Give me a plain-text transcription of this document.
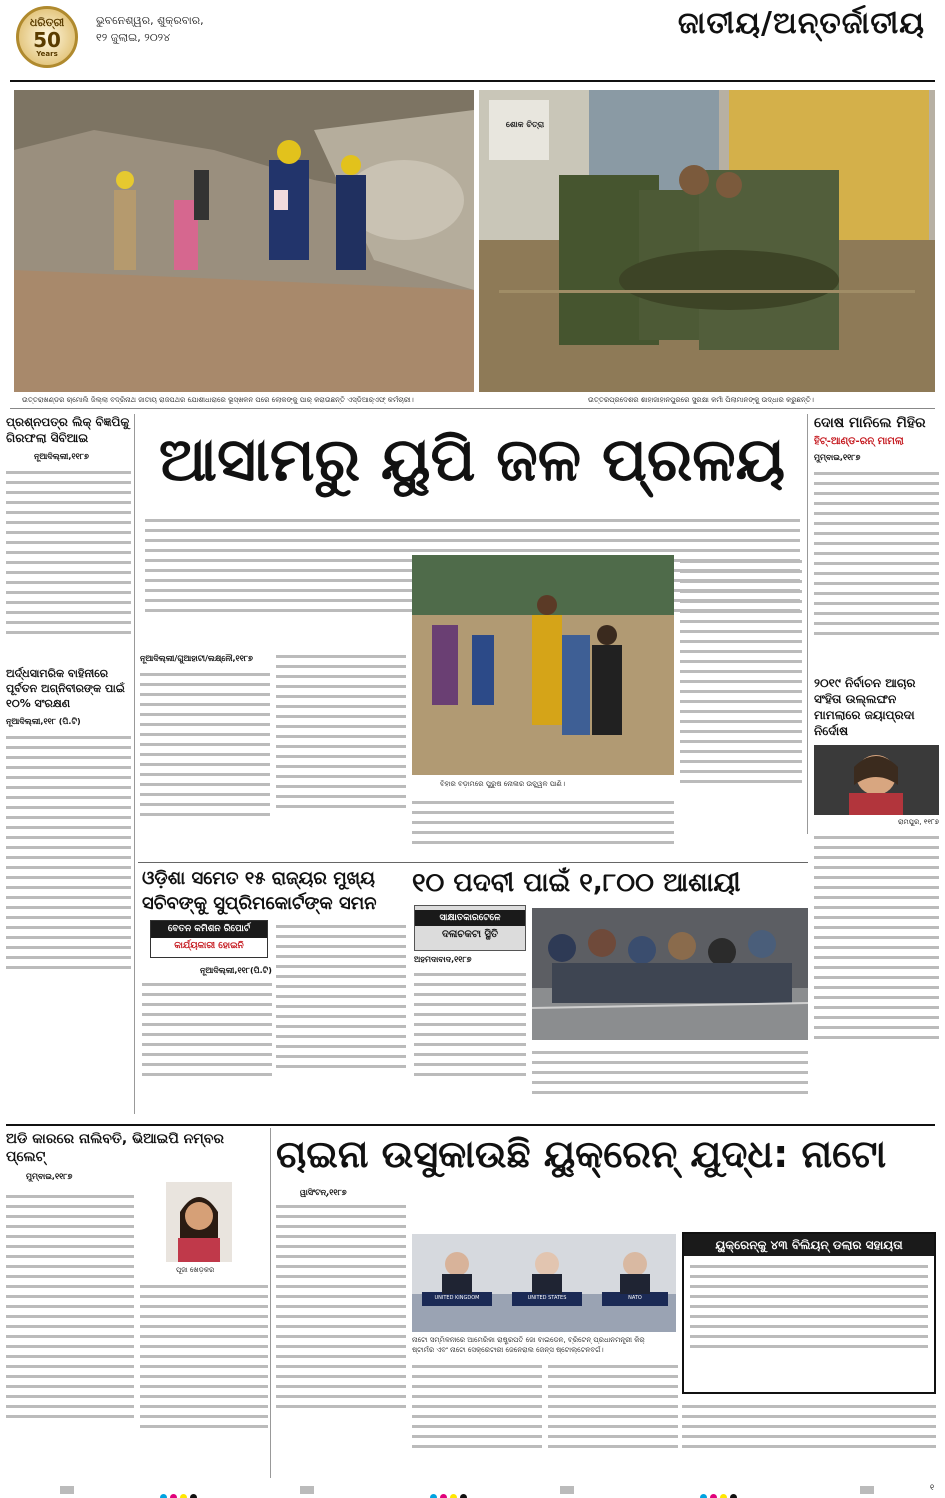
ଧରିତ୍ରୀ
50
Years
ଭୁବନେଶ୍ୱର, ଶୁକ୍ରବାର,
୧୨ ଜୁଲାଇ, ୨୦୨୪	ଜାତୀୟ/ଅନ୍ତର୍ଜାତୀୟ
ଶୋକ ଚିତ୍ରା
ଉତ୍ତରାଖଣ୍ଡର ଚାମୋଲି ଜିଲ୍ଲା ବଦ୍ରିନାଥ ଜାତୀୟ ରାଜପଥର ଯୋଶୀଧାରାରେ ଭୂସ୍ଖଳନ ପରେ ଲୋକଙ୍କୁ ପାର୍ କରାଉଛନ୍ତି ଏସ୍‌ଡିଆର୍‌ଏଫ୍ କର୍ମଚାରୀ।	ଉତ୍ତରପ୍ରଦେଶର ଶାହାଜାହାନପୁରରେ ସୁରକ୍ଷା କର୍ମୀ ପିଲାମାନଙ୍କୁ ଉଦ୍ଧାର କରୁଛନ୍ତି।
ପ୍ରଶ୍ନପତ୍ର ଲିକ୍ ବିଜ୍ଞପିକୁ ଗିରଫଲା ସିବିଆଇ
ନୂଆଦିଲ୍ଲୀ,୧୧୮୭
ଅର୍ଦ୍ଧସାମରିକ ବାହିନୀରେ ପୂର୍ବତନ ଅଗ୍ନିବୀରଙ୍କ ପାଇଁ ୧୦% ସଂରକ୍ଷଣ
ନୂଆଦିଲ୍ଲୀ,୧୧୮ (ପି.ଟି)
ଆସାମରୁ ୟୁପି ଜଳ ପ୍ରଳୟ
ନୂଆଦିଲ୍ଲୀ/ଗୁଆହାଟୀ/ଲକ୍ଷ୍ନୌ,୧୧୮୭
ବିହାର ବଡ଼ାମରେ ପୁରୁଷ ନୋଳାର ଉଚ୍ଛ୍ୱଳ ପାଣି।
ଦୋଷ ମାନିଲେ ମିହିର
ହିଟ୍-ଆଣ୍ଡ-ରନ୍ ମାମଲା
ମୁମ୍ବାଇ,୧୧୮୭
୨୦୧୯ ନିର୍ବାଚନ ଆଚାର ସଂହିତା ଉଲ୍ଲଙ୍ଘନ ମାମଲାରେ ଜୟାପ୍ରଦା ନିର୍ଦୋଷ
ରାମପୁର, ୧୧୮୭
ଓଡ଼ିଶା ସମେତ ୧୫ ରାଜ୍ୟର ମୁଖ୍ୟ ସଚିବଙ୍କୁ ସୁପ୍ରିମକୋର୍ଟଙ୍କ ସମନ
ବେତନ କମିଶନ ରିପୋର୍ଟ
କାର୍ଯ୍ୟକାରୀ ହୋଇନି
ନୂଆଦିଲ୍ଲୀ,୧୧୮(ପି.ଟି)
୧୦ ପଦବୀ ପାଇଁ ୧,୮୦୦ ଆଶାୟୀ
ସାକ୍ଷାତକାରଟେଳେ
ଦଳାଚକଟା ସ୍ଥିତି
ଅହମଦାବାଦ,୧୧୮୭
ଅଡି କାରରେ ନାଲିବତି, ଭିଆଇପି ନମ୍ବର ପ୍ଲେଟ୍
ମୁମ୍ବାଇ,୧୧୮୭
ପୂଜା ଖେଡ଼କର
ଚାଇନା ଉସୁକାଉଛି ୟୁକ୍ରେନ୍ ଯୁଦ୍ଧ: ନାଟୋ
ୱାସିଂଟନ୍,୧୧୮୭
UNITED KINGDOM	UNITED STATES	NATO
ନାଟୋ ସମ୍ମିଳନୀରେ ଆମେରିକା ରାଷ୍ଟ୍ରପତି ଜୋ ବାଇଡେନ, ବ୍ରିଟେନ୍ ପ୍ରଧାନମନ୍ତ୍ରୀ କିର୍
ଷ୍ଟାର୍ମର ଏବଂ ନାଟୋ ସେକ୍ରେଟାରୀ ଜେନେରାଲ ଜେନ୍ସ ଷ୍ଟୋଲ୍ଟେନବର୍ଗ।
ୟୁକ୍ରେନ୍‌କୁ ୪୩ ବିଲିୟନ୍ ଡଲାର ସହାୟତା
୧
